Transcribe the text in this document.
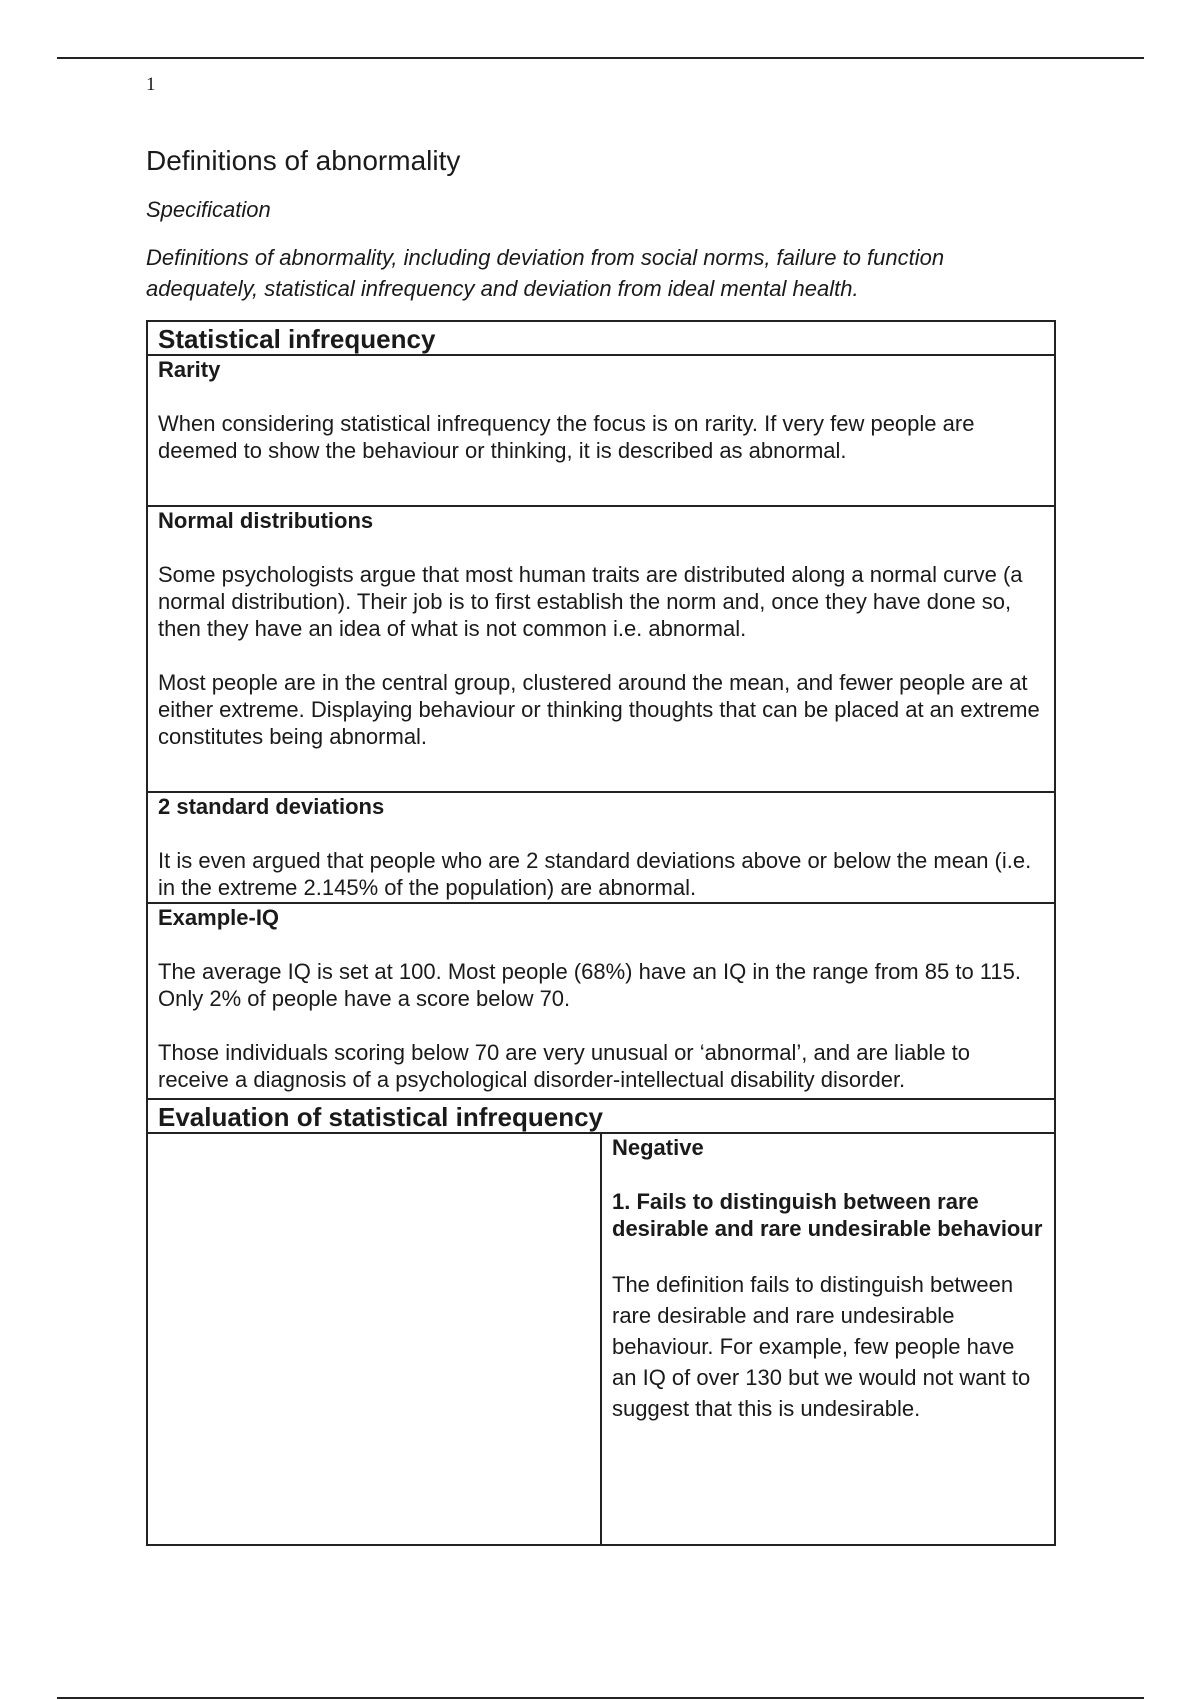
1
Definitions of abnormality
Specification
Definitions of abnormality, including deviation from social norms, failure to function adequately, statistical infrequency and deviation from ideal mental health.
Statistical infrequency

Rarity

When considering statistical infrequency the focus is on rarity. If very few people are deemed to show the behaviour or thinking, it is described as abnormal.

Normal distributions

Some psychologists argue that most human traits are distributed along a normal curve (a normal distribution). Their job is to first establish the norm and, once they have done so, then they have an idea of what is not common i.e. abnormal.

Most people are in the central group, clustered around the mean, and fewer people are at either extreme. Displaying behaviour or thinking thoughts that can be placed at an extreme constitutes being abnormal.

2 standard deviations

It is even argued that people who are 2 standard deviations above or below the mean (i.e. in the extreme 2.145% of the population) are abnormal.

Example-IQ

The average IQ is set at 100. Most people (68%) have an IQ in the range from 85 to 115. Only 2% of people have a score below 70.

Those individuals scoring below 70 are very unusual or ‘abnormal’, and are liable to receive a diagnosis of a psychological disorder-intellectual disability disorder.

Evaluation of statistical infrequency

Negative

1. Fails to distinguish between rare desirable and rare undesirable behaviour

The definition fails to distinguish between rare desirable and rare undesirable behaviour. For example, few people have an IQ of over 130 but we would not want to suggest that this is undesirable.
